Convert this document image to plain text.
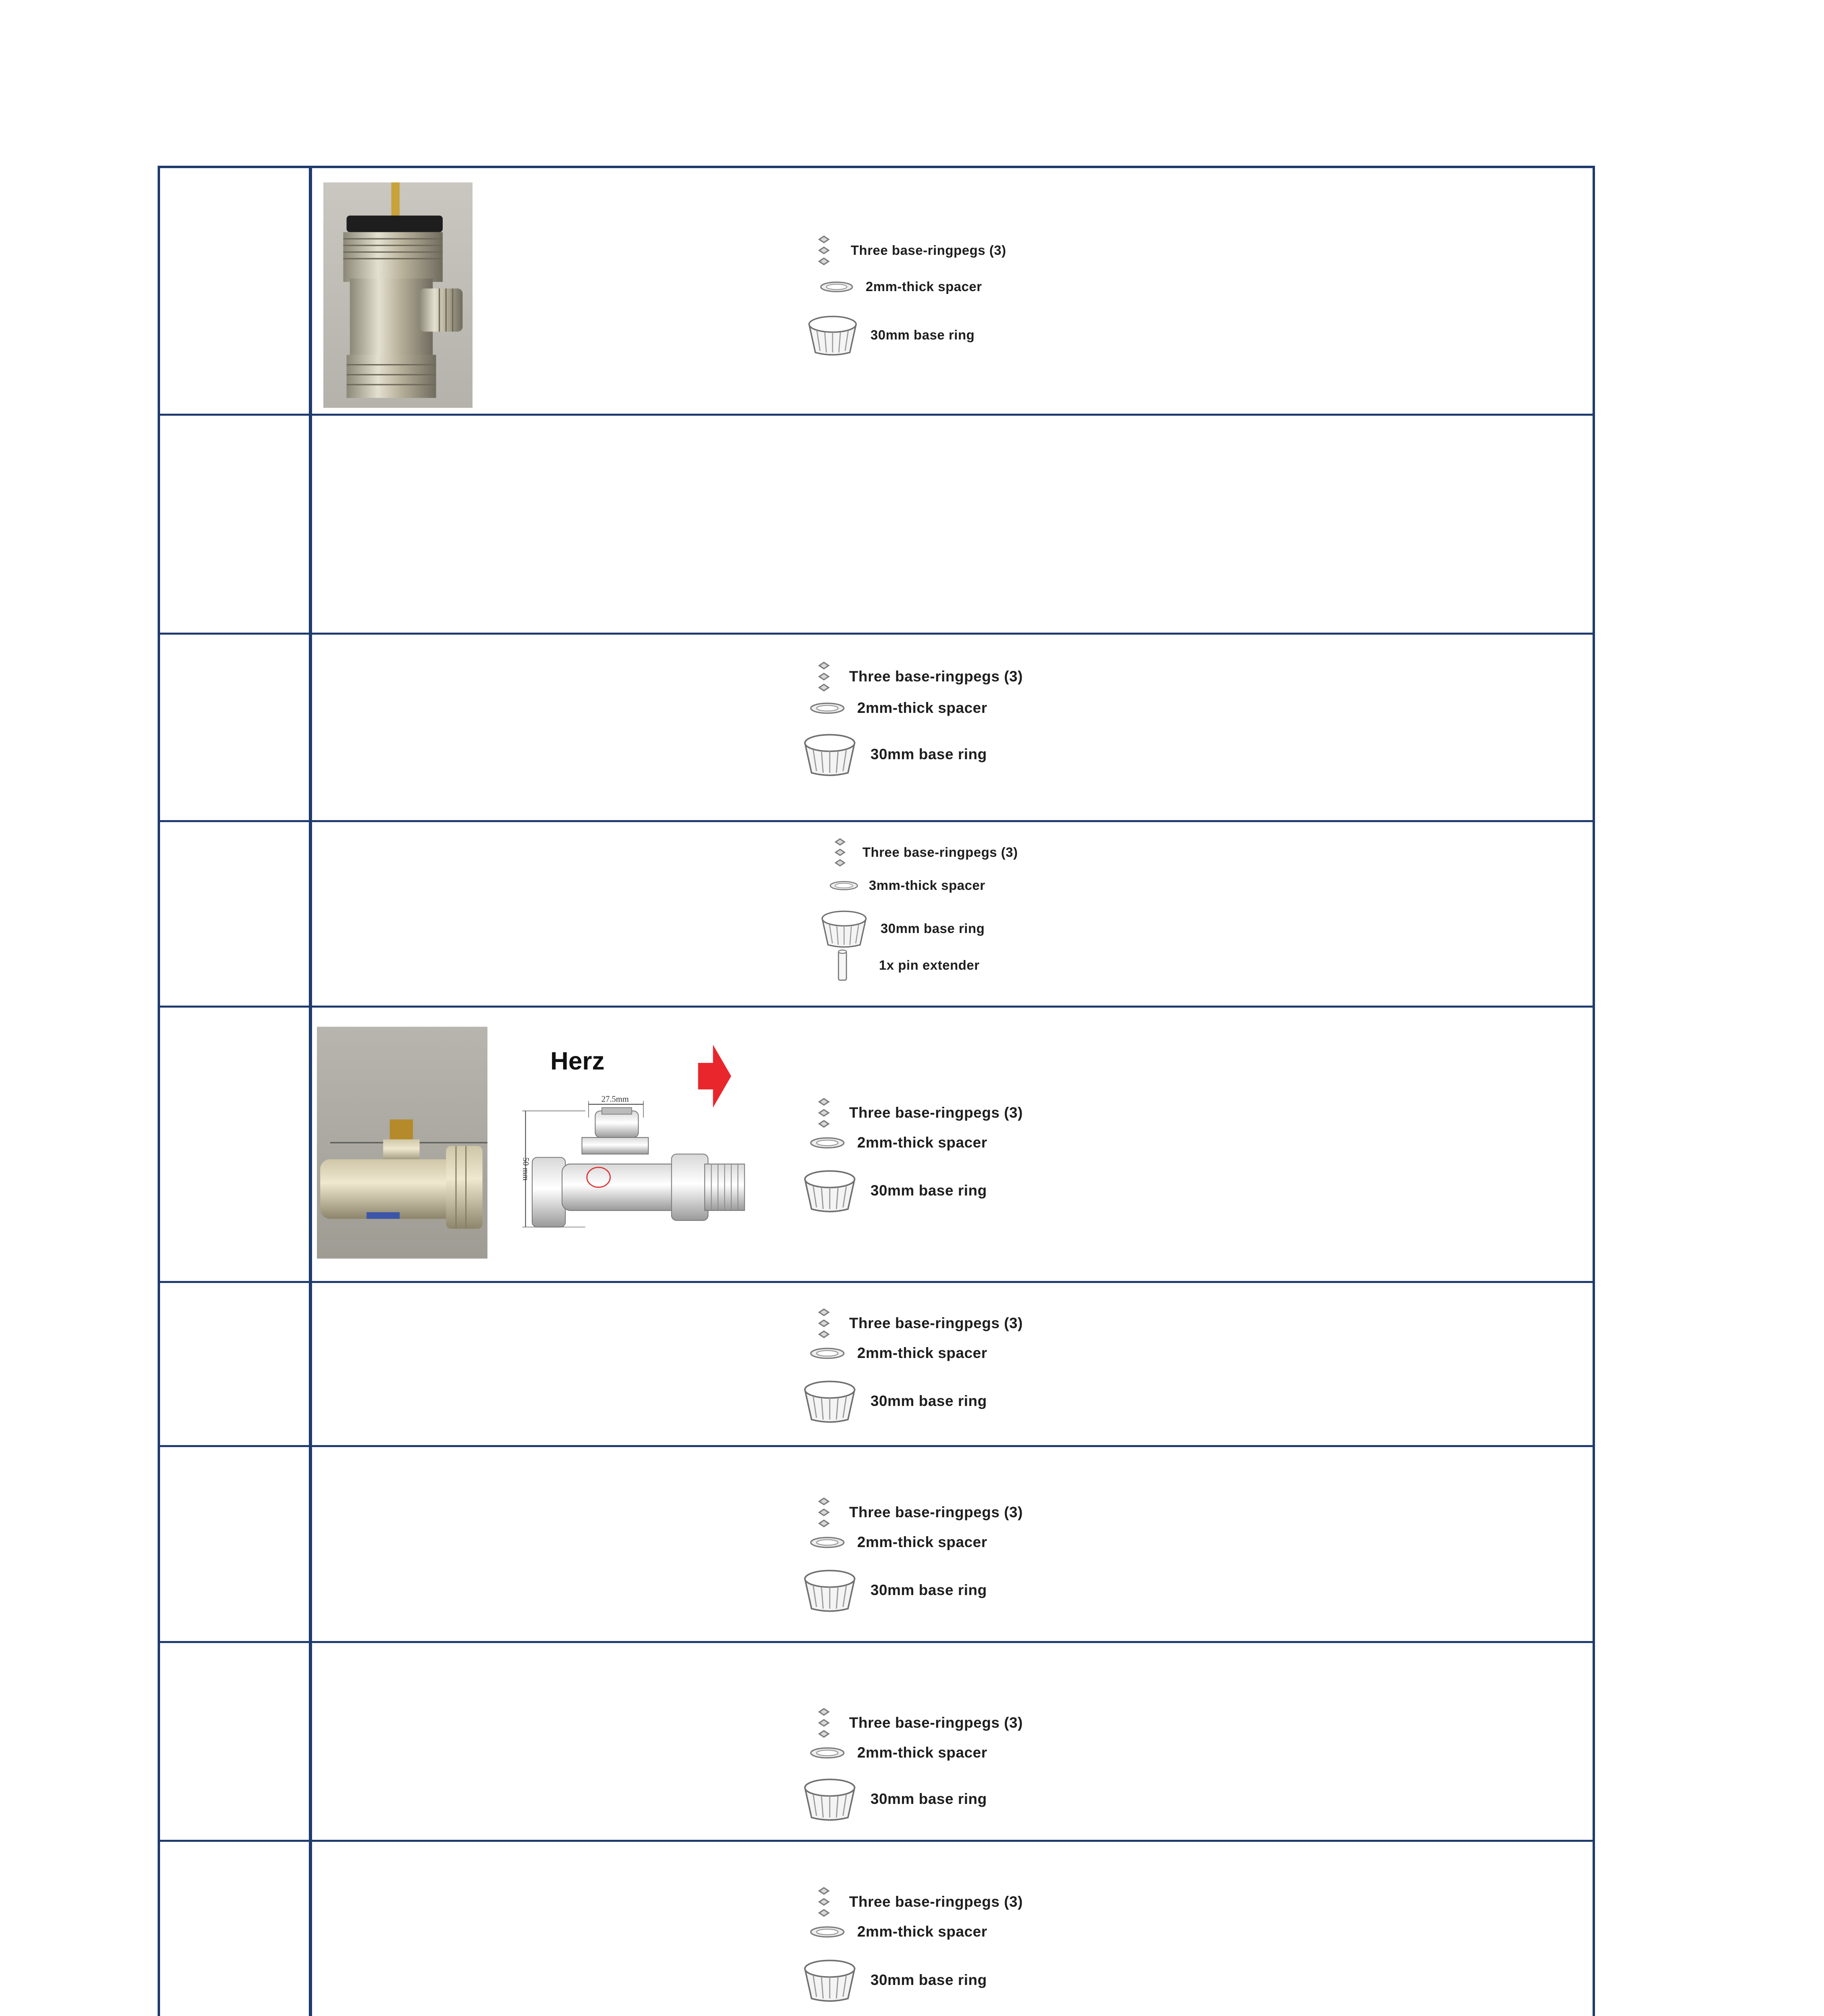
Herz
27.5mm
50 mm
Three base-ringpegs (3)
2mm-thick spacer
30mm base ring
Three base-ringpegs (3)
2mm-thick spacer
30mm base ring
Three base-ringpegs (3)
3mm-thick spacer
30mm base ring
1x pin extender
Three base-ringpegs (3)
2mm-thick spacer
30mm base ring
Three base-ringpegs (3)
2mm-thick spacer
30mm base ring
Three base-ringpegs (3)
2mm-thick spacer
30mm base ring
Three base-ringpegs (3)
2mm-thick spacer
30mm base ring
Three base-ringpegs (3)
2mm-thick spacer
30mm base ring
